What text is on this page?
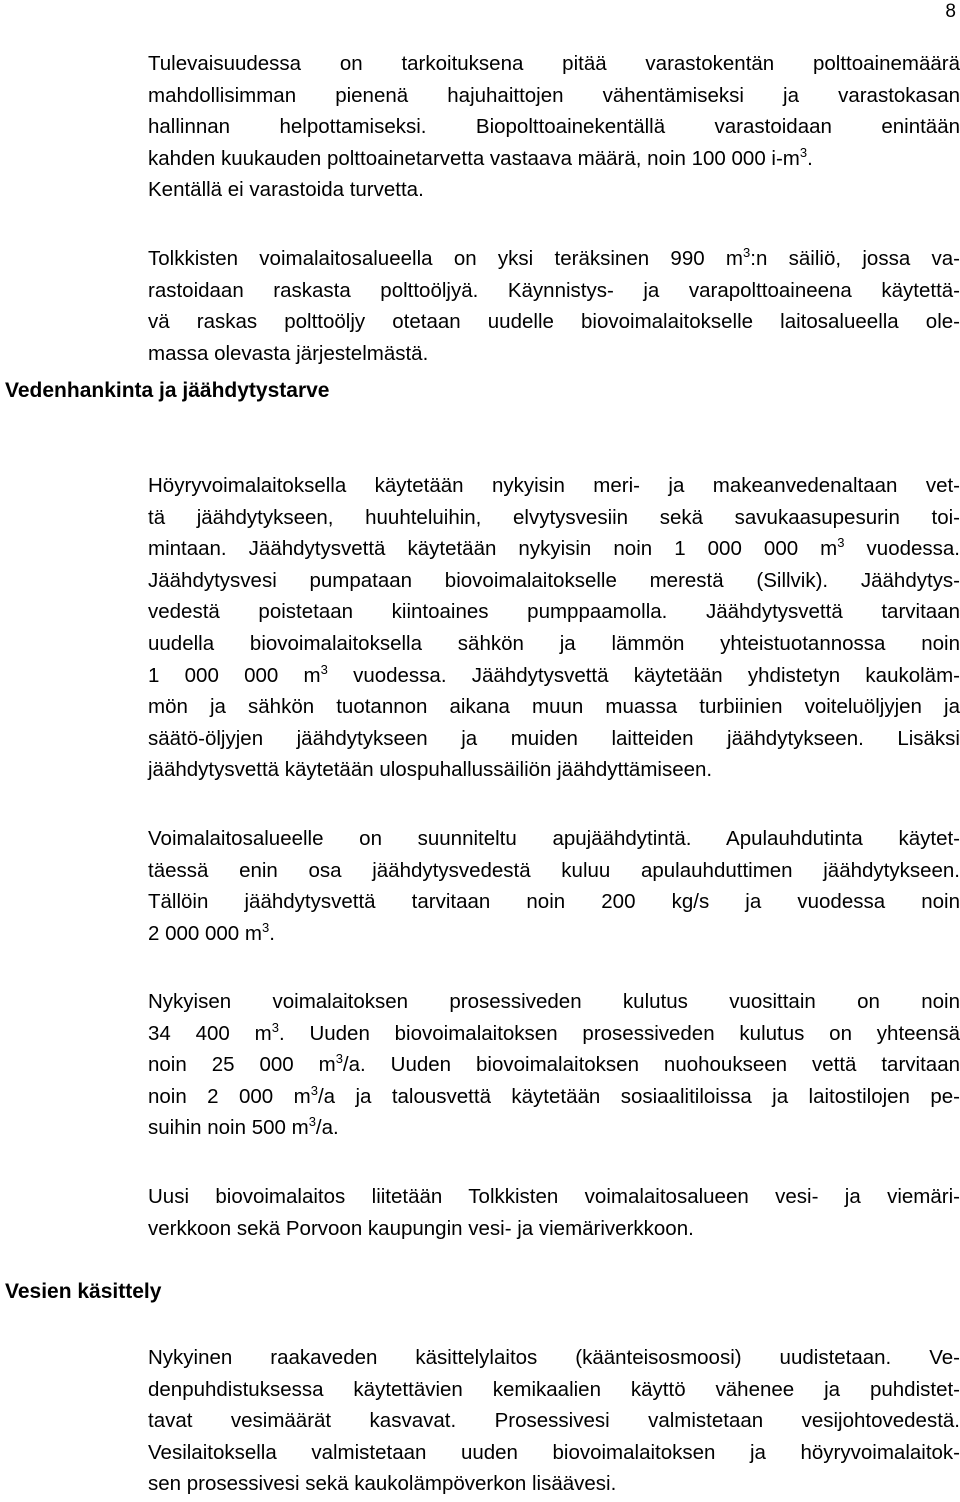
8
Tulevaisuudessa on tarkoituksena pitää varastokentän polttoainemäärä
mahdollisimman pienenä hajuhaittojen vähentämiseksi ja varastokasan
hallinnan helpottamiseksi. Biopolttoainekentällä varastoidaan enintään
kahden kuukauden polttoainetarvetta vastaava määrä, noin 100 000 $i-m^3$.
Kentällä ei varastoida turvetta.
Tolkkisten voimalaitosalueella on yksi teräksinen 990 $m^3:n$ säiliö, jossa va-
rastoidaan raskasta polttoöljyä. Käynnistys- ja varapolttoaineena käytettä-
vä raskas polttoöljy otetaan uudelle biovoimalaitokselle laitosalueella ole-
massa olevasta järjestelmästä.
Vedenhankinta ja jäähdytystarve
Höyryvoimalaitoksella käytetään nykyisin meri- ja makeanvedenaltaan vet-
tä jäähdytykseen, huuhteluihin, elvytysvesiin sekä savukaasupesurin toi-
mintaan. Jäähdytysvettä käytetään nykyisin noin 1 000 000 $m^3$ vuodessa.
Jäähdytysvesi pumpataan biovoimalaitokselle merestä (Sillvik). Jäähdytys-
vedestä poistetaan kiintoaines pumppaamolla. Jäähdytysvettä tarvitaan
uudella biovoimalaitoksella sähkön ja lämmön yhteistuotannossa noin
1 000 000 $m^3$ vuodessa. Jäähdytysvettä käytetään yhdistetyn kaukoläm-
mön ja sähkön tuotannon aikana muun muassa turbiinien voiteluöljyjen ja
säätö-öljyjen jäähdytykseen ja muiden laitteiden jäähdytykseen. Lisäksi
jäähdytysvettä käytetään ulospuhallussäiliön jäähdyttämiseen.
Voimalaitosalueelle on suunniteltu apujäähdytintä. Apulauhdutinta käytet-
täessä enin osa jäähdytysvedestä kuluu apulauhduttimen jäähdytykseen.
Tällöin jäähdytysvettä tarvitaan noin 200 kg/s ja vuodessa noin
2 000 000 $m^3$.
Nykyisen voimalaitoksen prosessiveden kulutus vuosittain on noin
34 400 $m^3$. Uuden biovoimalaitoksen prosessiveden kulutus on yhteensä
noin 25 000 $m^3/a$. Uuden biovoimalaitoksen nuohoukseen vettä tarvitaan
noin 2 000 $m^3/a$ ja talousvettä käytetään sosiaalitiloissa ja laitostilojen pe-
suihin noin 500 $m^3/a$.
Uusi biovoimalaitos liitetään Tolkkisten voimalaitosalueen vesi- ja viemäri-
verkkoon sekä Porvoon kaupungin vesi- ja viemäriverkkoon.
Vesien käsittely
Nykyinen raakaveden käsittelylaitos (käänteisosmoosi) uudistetaan. Ve-
denpuhdistuksessa käytettävien kemikaalien käyttö vähenee ja puhdistet-
tavat vesimäärät kasvavat. Prosessivesi valmistetaan vesijohtovedestä.
Vesilaitoksella valmistetaan uuden biovoimalaitoksen ja höyryvoimalaitok-
sen prosessivesi sekä kaukolämpöverkon lisäävesi.
